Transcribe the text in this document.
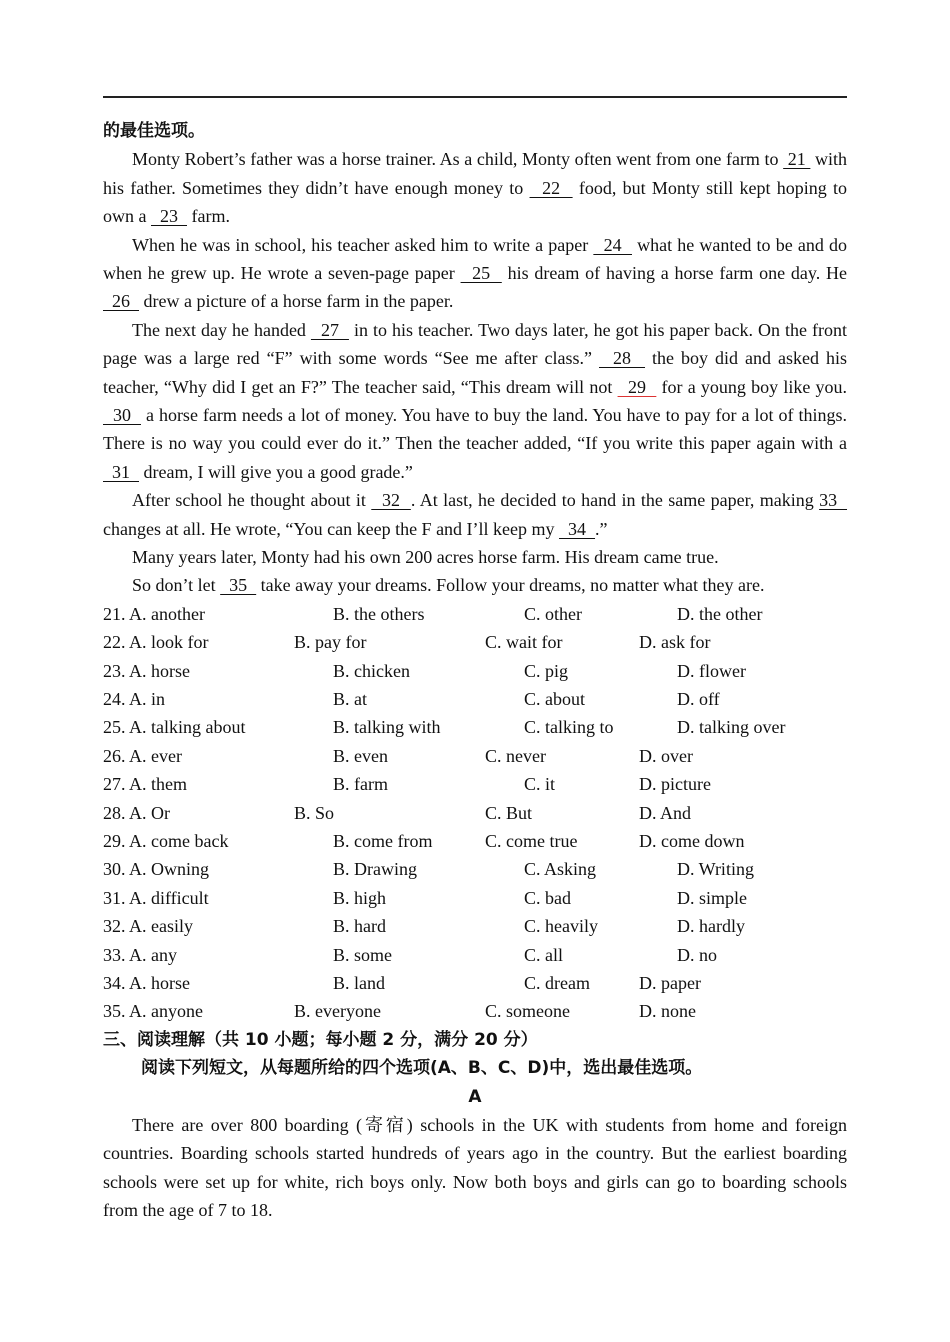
的最佳选项。
Monty Robert’s father was a horse trainer. As a child, Monty often went from one farm to  21  with his father. Sometimes they didn’t have enough money to   22   food, but Monty still kept hoping to own a   23   farm.
When he was in school, his teacher asked him to write a paper   24   what he wanted to be and do when he grew up. He wrote a seven-page paper   25   his dream of having a horse farm one day. He   26   drew a picture of a horse farm in the paper.
The next day he handed   27   in to his teacher. Two days later, he got his paper back. On the front page was a large red “F” with some words “See me after class.”   28   the boy did and asked his teacher, “Why did I get an F?” The teacher said, “This dream will not   29   for a young boy like you.   30   a horse farm needs a lot of money. You have to buy the land. You have to pay for a lot of things. There is no way you could ever do it.” Then the teacher added, “If you write this paper again with a   31   dream, I will give you a good grade.”
After school he thought about it   32  . At last, he decided to hand in the same paper, making 33   changes at all. He wrote, “You can keep the F and I’ll keep my   34  .”
Many years later, Monty had his own 200 acres horse farm. His dream came true.
So don’t let   35   take away your dreams. Follow your dreams, no matter what they are.
21. A. another	B. the others	C. other	D. the other
22. A. look for	B. pay for	C. wait for	D. ask for
23. A. horse	B. chicken	C. pig	D. flower
24. A. in	B. at	C. about	D. off
25. A. talking about	B. talking with	C. talking to	D. talking over
26. A. ever	B. even	C. never	D. over
27. A. them	B. farm	C. it	D. picture
28. A. Or	B. So	C. But	D. And
29. A. come back	B. come from	C. come true	D. come down
30. A. Owning	B. Drawing	C. Asking	D. Writing
31. A. difficult	B. high	C. bad	D. simple
32. A. easily	B. hard	C. heavily	D. hardly
33. A. any	B. some	C. all	D. no
34. A. horse	B. land	C. dream	D. paper
35. A. anyone	B. everyone	C. someone	D. none
三、阅读理解（共 10 小题；每小题 2 分，满分 20 分）
阅读下列短文，从每题所给的四个选项(A、B、C、D)中，选出最佳选项。
A
There are over 800 boarding (寄宿) schools in the UK with students from home and foreign countries. Boarding schools started hundreds of years ago in the country. But the earliest boarding schools were set up for white, rich boys only. Now both boys and girls can go to boarding schools from the age of 7 to 18.
